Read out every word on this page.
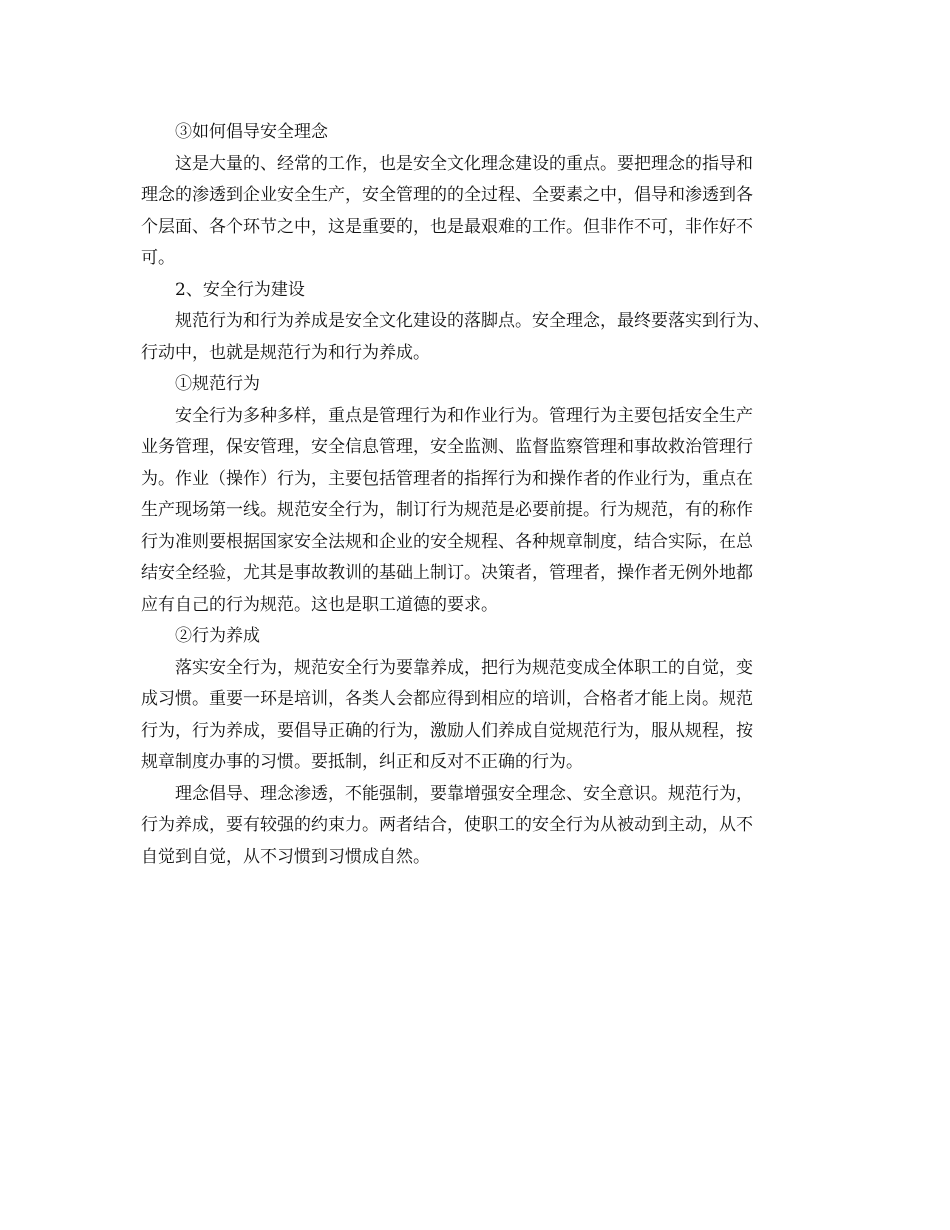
③如何倡导安全理念

这是大量的、经常的工作，也是安全文化理念建设的重点。要把理念的指导和
理念的渗透到企业安全生产，安全管理的的全过程、全要素之中，倡导和渗透到各
个层面、各个环节之中，这是重要的，也是最艰难的工作。但非作不可，非作好不
可。

2、安全行为建设

规范行为和行为养成是安全文化建设的落脚点。安全理念，最终要落实到行为、
行动中，也就是规范行为和行为养成。

①规范行为

安全行为多种多样，重点是管理行为和作业行为。管理行为主要包括安全生产
业务管理，保安管理，安全信息管理，安全监测、监督监察管理和事故救治管理行
为。作业（操作）行为，主要包括管理者的指挥行为和操作者的作业行为，重点在
生产现场第一线。规范安全行为，制订行为规范是必要前提。行为规范，有的称作
行为准则要根据国家安全法规和企业的安全规程、各种规章制度，结合实际，在总
结安全经验，尤其是事故教训的基础上制订。决策者，管理者，操作者无例外地都
应有自己的行为规范。这也是职工道德的要求。

②行为养成

落实安全行为，规范安全行为要靠养成，把行为规范变成全体职工的自觉，变
成习惯。重要一环是培训，各类人会都应得到相应的培训，合格者才能上岗。规范
行为，行为养成，要倡导正确的行为，激励人们养成自觉规范行为，服从规程，按
规章制度办事的习惯。要抵制，纠正和反对不正确的行为。

理念倡导、理念渗透，不能强制，要靠增强安全理念、安全意识。规范行为，
行为养成，要有较强的约束力。两者结合，使职工的安全行为从被动到主动，从不
自觉到自觉，从不习惯到习惯成自然。
